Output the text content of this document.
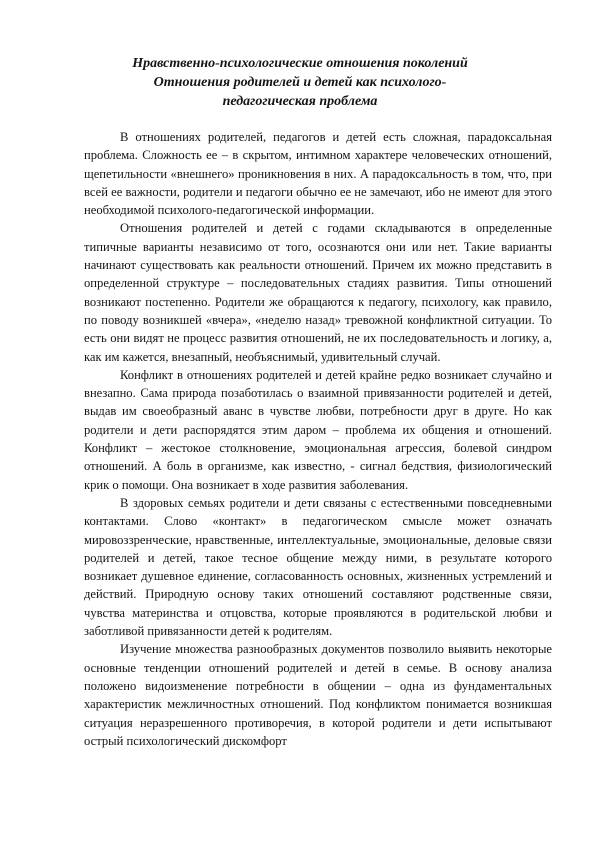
Нравственно-психологические отношения поколений
Отношения родителей и детей как психолого-
педагогическая проблема

В отношениях родителей, педагогов и детей есть сложная, парадоксальная проблема. Сложность ее – в скрытом, интимном характере человеческих отношений, щепетильности «внешнего» проникновения в них. А парадоксальность в том, что, при всей ее важности, родители и педагоги обычно ее не замечают, ибо не имеют для этого необходимой психолого-педагогической информации.

Отношения родителей и детей с годами складываются в определенные типичные варианты независимо от того, осознаются они или нет. Такие варианты начинают существовать как реальности отношений. Причем их можно представить в определенной структуре – последовательных стадиях развития. Типы отношений возникают постепенно. Родители же обращаются к педагогу, психологу, как правило, по поводу возникшей «вчера», «неделю назад» тревожной конфликтной ситуации. То есть они видят не процесс развития отношений, не их последовательность и логику, а, как им кажется, внезапный, необъяснимый, удивительный случай.

Конфликт в отношениях родителей и детей крайне редко возникает случайно и внезапно. Сама природа позаботилась о взаимной привязанности родителей и детей, выдав им своеобразный аванс в чувстве любви, потребности друг в друге. Но как родители и дети распорядятся этим даром – проблема их общения и отношений. Конфликт – жестокое столкновение, эмоциональная агрессия, болевой синдром отношений. А боль в организме, как известно, - сигнал бедствия, физиологический крик о помощи. Она возникает в ходе развития заболевания.

В здоровых семьях родители и дети связаны с естественными повседневными контактами. Слово «контакт» в педагогическом смысле может означать мировоззренческие, нравственные, интеллектуальные, эмоциональные, деловые связи родителей и детей, такое тесное общение между ними, в результате которого возникает душевное единение, согласованность основных, жизненных устремлений и действий. Природную основу таких отношений составляют родственные связи, чувства материнства и отцовства, которые проявляются в родительской любви и заботливой привязанности детей к родителям.

Изучение множества разнообразных документов позволило выявить некоторые основные тенденции отношений родителей и детей в семье. В основу анализа положено видоизменение потребности в общении – одна из фундаментальных характеристик межличностных отношений. Под конфликтом понимается возникшая ситуация неразрешенного противоречия, в которой родители и дети испытывают острый психологический дискомфорт
